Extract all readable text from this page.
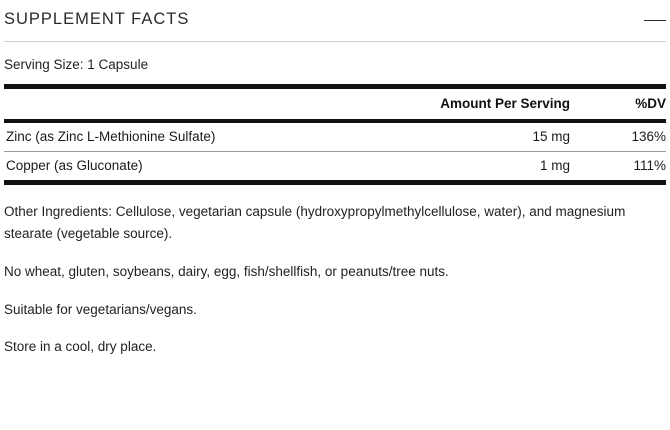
SUPPLEMENT FACTS
Serving Size: 1 Capsule
	Amount Per Serving	%DV
Zinc (as Zinc L-Methionine Sulfate)	15 mg	136%
Copper (as Gluconate)	1 mg	111%

Other Ingredients: Cellulose, vegetarian capsule (hydroxypropylmethylcellulose, water), and magnesium stearate (vegetable source).

No wheat, gluten, soybeans, dairy, egg, fish/shellfish, or peanuts/tree nuts.

Suitable for vegetarians/vegans.

Store in a cool, dry place.
